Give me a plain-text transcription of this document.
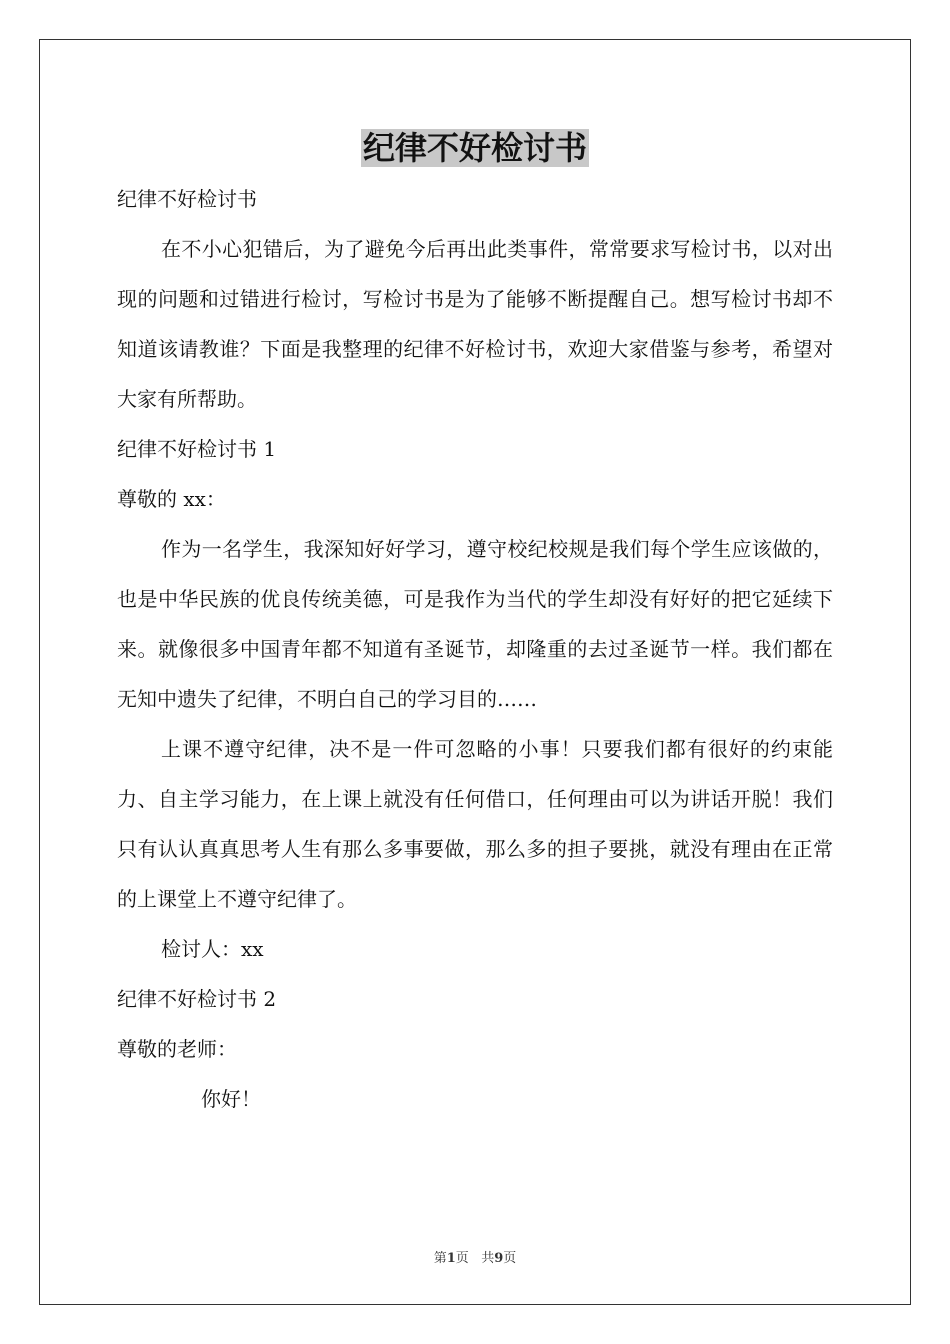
纪律不好检讨书

纪律不好检讨书

在不小心犯错后，为了避免今后再出此类事件，常常要求写检讨书，以对出现的问题和过错进行检讨，写检讨书是为了能够不断提醒自己。想写检讨书却不知道该请教谁？下面是我整理的纪律不好检讨书，欢迎大家借鉴与参考，希望对大家有所帮助。

纪律不好检讨书 1

尊敬的 xx：

作为一名学生，我深知好好学习，遵守校纪校规是我们每个学生应该做的，也是中华民族的优良传统美德，可是我作为当代的学生却没有好好的把它延续下来。就像很多中国青年都不知道有圣诞节，却隆重的去过圣诞节一样。我们都在无知中遗失了纪律，不明白自己的学习目的……

上课不遵守纪律，决不是一件可忽略的小事！只要我们都有很好的约束能力、自主学习能力，在上课上就没有任何借口，任何理由可以为讲话开脱！我们只有认认真真思考人生有那么多事要做，那么多的担子要挑，就没有理由在正常的上课堂上不遵守纪律了。

检讨人：xx

纪律不好检讨书 2

尊敬的老师：

你好！

第1页 共9页
